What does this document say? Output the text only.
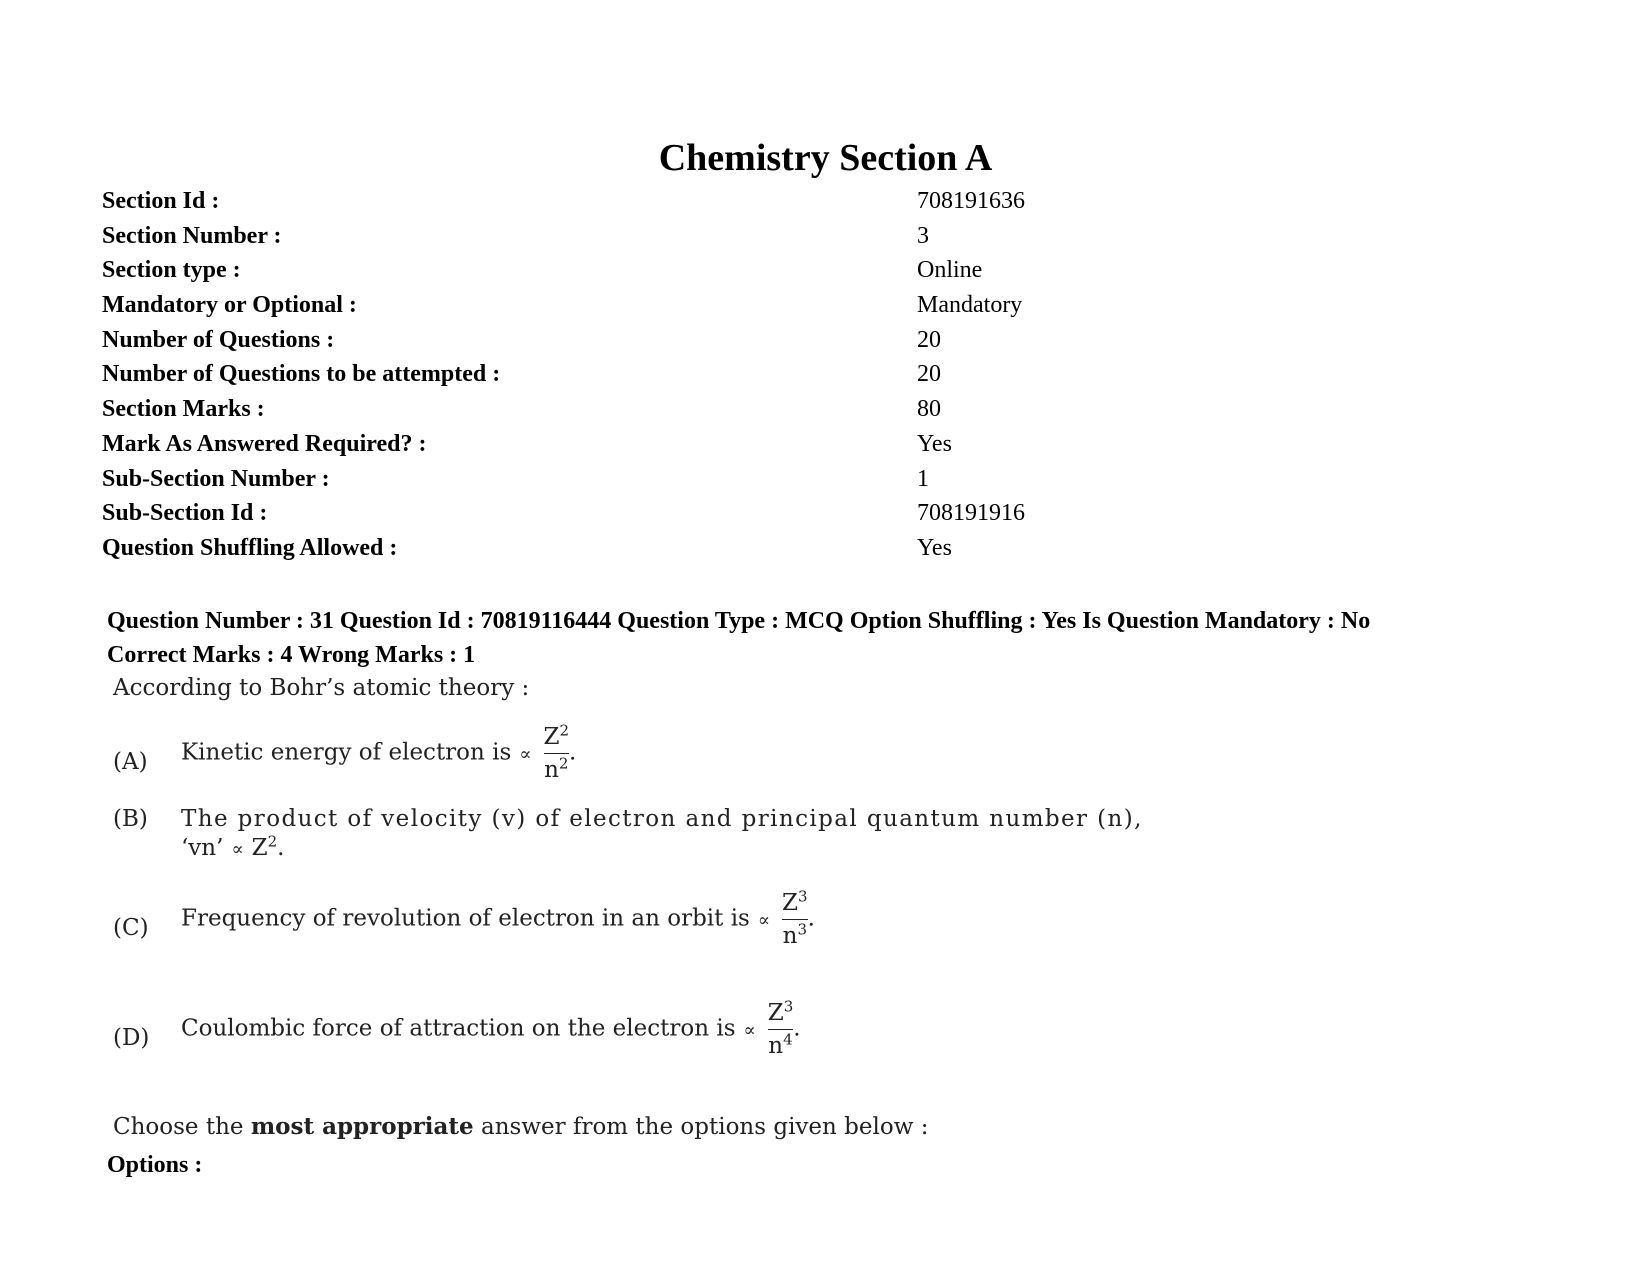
Chemistry Section A
Section Id :	708191636
Section Number :	3
Section type :	Online
Mandatory or Optional :	Mandatory
Number of Questions :	20
Number of Questions to be attempted :	20
Section Marks :	80
Mark As Answered Required? :	Yes
Sub-Section Number :	1
Sub-Section Id :	708191916
Question Shuffling Allowed :	Yes
Question Number : 31 Question Id : 70819116444 Question Type : MCQ Option Shuffling : Yes Is Question Mandatory : No
Correct Marks : 4 Wrong Marks : 1
According to Bohr’s atomic theory :
(A) Kinetic energy of electron is ∝ $\frac{Z^2}{n^2}$ .
(B) The product of velocity (v) of electron and principal quantum number (n),
‘vn’ ∝ $Z^2$.
(C) Frequency of revolution of electron in an orbit is ∝ $\frac{Z^3}{n^3}$ .
(D) Coulombic force of attraction on the electron is ∝ $\frac{Z^3}{n^4}$ .
Choose the most appropriate answer from the options given below :
Options :
